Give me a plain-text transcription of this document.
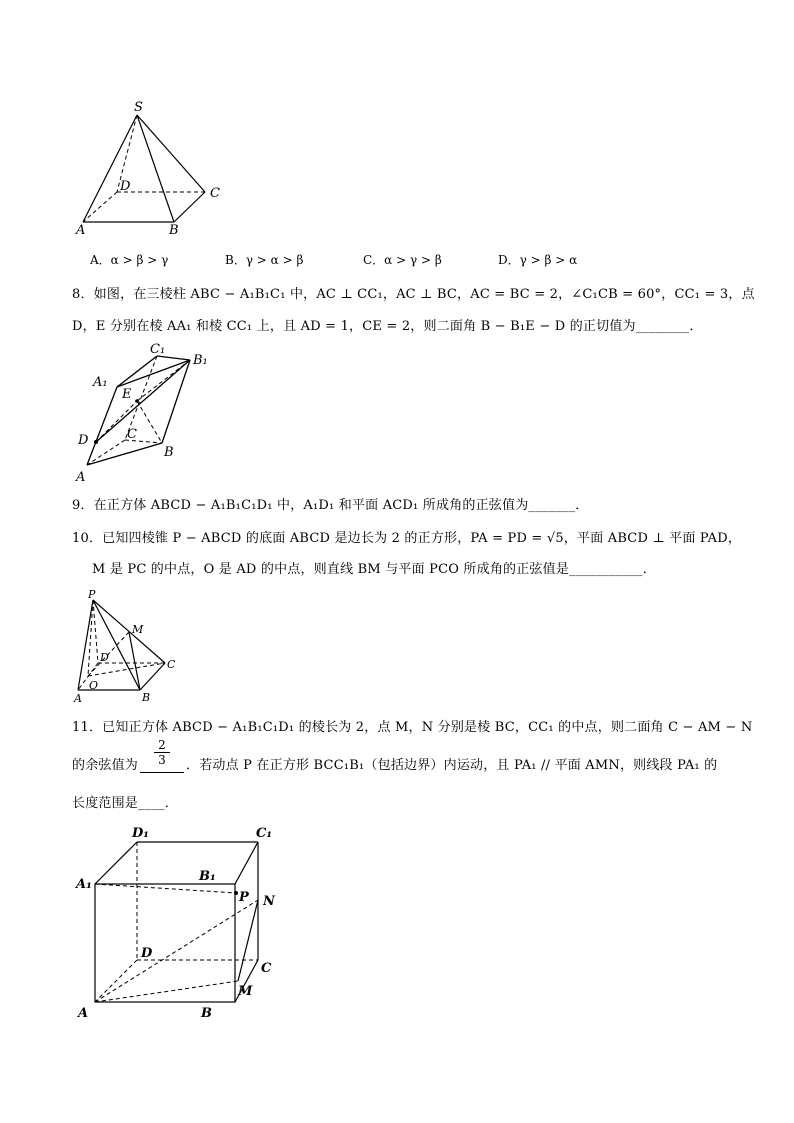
S
D	C
A	B
A．α > β > γ	B．γ > α > β	C．α > γ > β	D．γ > β > α
8．如图，在三棱柱 ABC − A₁B₁C₁ 中，AC ⊥ CC₁，AC ⊥ BC，AC = BC = 2，∠C₁CB = 60°，CC₁ = 3，点
D，E 分别在棱 AA₁ 和棱 CC₁ 上，且 AD = 1，CE = 2，则二面角 B − B₁E − D 的正切值为________．
C₁
B₁
A₁
E
D	C
B
A
9．在正方体 ABCD − A₁B₁C₁D₁ 中，A₁D₁ 和平面 ACD₁ 所成角的正弦值为_______．
10．已知四棱锥 P − ABCD 的底面 ABCD 是边长为 2 的正方形，PA = PD = √5，平面 ABCD ⊥ 平面 PAD，
M 是 PC 的中点，O 是 AD 的中点，则直线 BM 与平面 PCO 所成角的正弦值是___________．
P
M
D
C
O
A	B
11．已知正方体 ABCD − A₁B₁C₁D₁ 的棱长为 2，点 M，N 分别是棱 BC，CC₁ 的中点，则二面角 C − AM − N
的余弦值为 $\frac{2}{3}$ ．若动点 P 在正方形 BCC₁B₁（包括边界）内运动，且 PA₁ // 平面 AMN，则线段 PA₁ 的
长度范围是____．
D₁	C₁
A₁
B₁
P N
D
C
M
A	B
